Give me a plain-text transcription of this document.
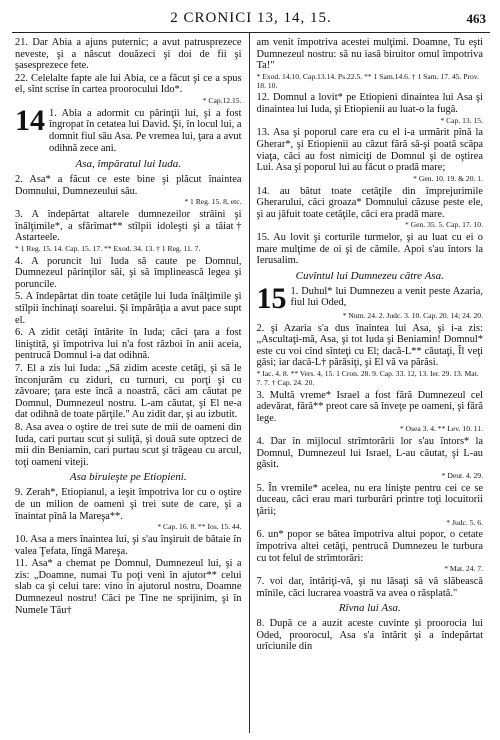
2 CRONICI 13, 14, 15.	463
21. Dar Abia a ajuns puternic; a avut patrusprezece neveste, şi a născut douăzeci şi doi de fii şi şasesprezece fete.
22. Celelalte fapte ale lui Abia, ce a făcut şi ce a spus el, sînt scrise în cartea proorocului Ido*.
* Cap.12.15.
14 1. Abia a adormit cu părinţii lui, şi a fost îngropat în cetatea lui David. Şi, în locul lui, a domnit fiul său Asa. Pe vremea lui, ţara a avut odihnă zece ani.
Asa, împăratul lui Iuda.
2. Asa* a făcut ce este bine şi plăcut înaintea Domnului, Dumnezeului său.
* 1 Reg. 15. 8, etc.
3. A îndepărtat altarele dumnezeilor străini şi înălţimile*, a sfărîmat** stîlpii idoleşti şi a tăiat† Astarteele.
* 1 Reg. 15. 14. Cap. 15. 17. ** Exod. 34. 13. † 1 Reg. 11. 7.
4. A poruncit lui Iuda să caute pe Domnul, Dumnezeul părinţilor săi, şi să împlinească legea şi poruncile.
5. A îndepărtat din toate cetăţile lui Iuda înălţimile şi stîlpii închinaţi soarelui. Şi împărăţia a avut pace supt el.
6. A zidit cetăţi întărite în Iuda; căci ţara a fost liniştită, şi împotriva lui n'a fost război în anii aceia, pentrucă Domnul i-a dat odihnă.
7. El a zis lui Iuda: „Să zidim aceste cetăţi, şi să le înconjurăm cu ziduri, cu turnuri, cu porţi şi cu zăvoare; ţara este încă a noastră, căci am căutat pe Domnul, Dumnezeul nostru. L-am căutat, şi El ne-a dat odihnă de toate părţile." Au zidit dar, şi au izbutit.
8. Asa avea o oştire de trei sute de mii de oameni din Iuda, cari purtau scut şi suliţă, şi două sute optzeci de mii din Beniamin, cari purtau scut şi trăgeau cu arcul, toţi oameni viteji.
Asa biruieşte pe Etiopieni.
9. Zerah*, Etiopianul, a ieşit împotriva lor cu o oştire de un milion de oameni şi trei sute de care, şi a înaintat pînă la Mareşa**.
* Cap. 16. 8. ** Ios. 15. 44.
10. Asa a mers înaintea lui, şi s'au înşiruit de bătaie în valea Ţefata, lîngă Mareşa.
11. Asa* a chemat pe Domnul, Dumnezeul lui, şi a zis: „Doamne, numai Tu poţi veni în ajutor** celui slab ca şi celui tare: vino în ajutorul nostru, Doamne Dumnezeul nostru! Căci pe Tine ne sprijinim, şi în Numele Tău†
am venit împotriva acestei mulţimi. Doamne, Tu eşti Dumnezeul nostru: să nu iasă biruitor omul împotriva Ta!"
* Exod. 14.10. Cap.13.14. Ps.22.5. ** 1 Sam.14.6. † 1 Sam. 17. 45. Prov. 18. 10.
12. Domnul a lovit* pe Etiopieni dinaintea lui Asa şi dinaintea lui Iuda, şi Etiopienii au luat-o la fugă.
* Cap. 13. 15.
13. Asa şi poporul care era cu el i-a urmărit pînă la Gherar*, şi Etiopienii au căzut fără să-şi poată scăpa viaţa, căci au fost nimiciţi de Domnul şi de oştirea Lui. Asa şi poporul lui au făcut o pradă mare;
* Gen. 10. 19. & 20. 1.
14. au bătut toate cetăţile din împrejurimile Gherarului, căci groaza* Domnului căzuse peste ele, şi au jăfuit toate cetăţile, căci era pradă mare.
* Gen. 35. 5. Cap. 17. 10.
15. Au lovit şi corturile turmelor, şi au luat cu ei o mare mulţime de oi şi de cămile. Apoi s'au întors la Ierusalim.
Cuvîntul lui Dumnezeu către Asa.
15 1. Duhul* lui Dumnezeu a venit peste Azaria, fiul lui Oded,
* Num. 24. 2. Judc. 3. 10. Cap. 20. 14; 24. 20.
2. şi Azaria s'a dus înaintea lui Asa, şi i-a zis: „Ascultaţi-mă, Asa, şi tot Iuda şi Beniamin! Domnul* este cu voi cînd sînteţi cu El; dacă-L** căutaţi, Îl veţi găsi; iar dacă-L† părăsiţi, şi El vă va părăsi.
* Iac. 4. 8. ** Vers. 4, 15. 1 Cron. 28. 9. Cap. 33. 12, 13. Ier. 29. 13. Mat. 7. 7. † Cap. 24. 20.
3. Multă vreme* Israel a fost fără Dumnezeul cel adevărat, fără** preot care să înveţe pe oameni, şi fără lege.
* Osea 3. 4. ** Lev. 10. 11.
4. Dar în mijlocul strîmtorării lor s'au întors* la Domnul, Dumnezeul lui Israel, L-au căutat, şi L-au găsit.
* Deut. 4. 29.
5. În vremile* acelea, nu era linişte pentru cei ce se duceau, căci erau mari turburări printre toţi locuitorii ţării;
* Judc. 5. 6.
6. un* popor se bătea împotriva altui popor, o cetate împotriva altei cetăţi, pentrucă Dumnezeu le turbura cu tot felul de strîmtorări:
* Mat. 24. 7.
7. voi dar, întăriţi-vă, şi nu lăsaţi să vă slăbească mînile, căci lucrarea voastră va avea o răsplată."
Rîvna lui Asa.
8. După ce a auzit aceste cuvinte şi proorocia lui Oded, proorocul, Asa s'a întărit şi a îndepărtat urîciunile din
